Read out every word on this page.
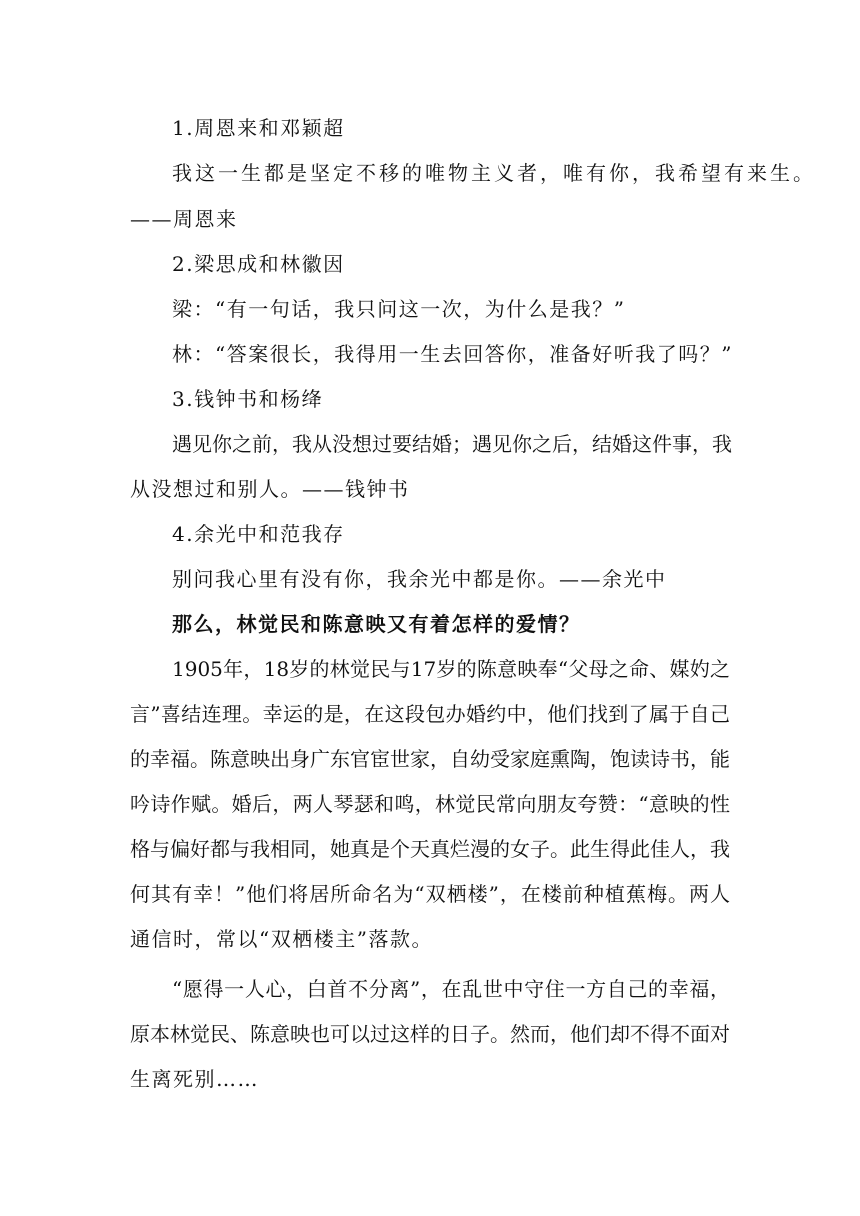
1.周恩来和邓颖超
我这一生都是坚定不移的唯物主义者，唯有你，我希望有来生。
——周恩来
2.梁思成和林徽因
梁：“有一句话，我只问这一次，为什么是我？”
林：“答案很长，我得用一生去回答你，准备好听我了吗？”
3.钱钟书和杨绛
遇见你之前，我从没想过要结婚；遇见你之后，结婚这件事，我
从没想过和别人。——钱钟书
4.余光中和范我存
别问我心里有没有你，我余光中都是你。——余光中
那么，林觉民和陈意映又有着怎样的爱情？
1905年，18岁的林觉民与17岁的陈意映奉“父母之命、媒妁之
言”喜结连理。幸运的是，在这段包办婚约中，他们找到了属于自己
的幸福。陈意映出身广东官宦世家，自幼受家庭熏陶，饱读诗书，能
吟诗作赋。婚后，两人琴瑟和鸣，林觉民常向朋友夸赞：“意映的性
格与偏好都与我相同，她真是个天真烂漫的女子。此生得此佳人，我
何其有幸！”他们将居所命名为“双栖楼”，在楼前种植蕉梅。两人
通信时，常以“双栖楼主”落款。
“愿得一人心，白首不分离”，在乱世中守住一方自己的幸福，
原本林觉民、陈意映也可以过这样的日子。然而，他们却不得不面对
生离死别……
